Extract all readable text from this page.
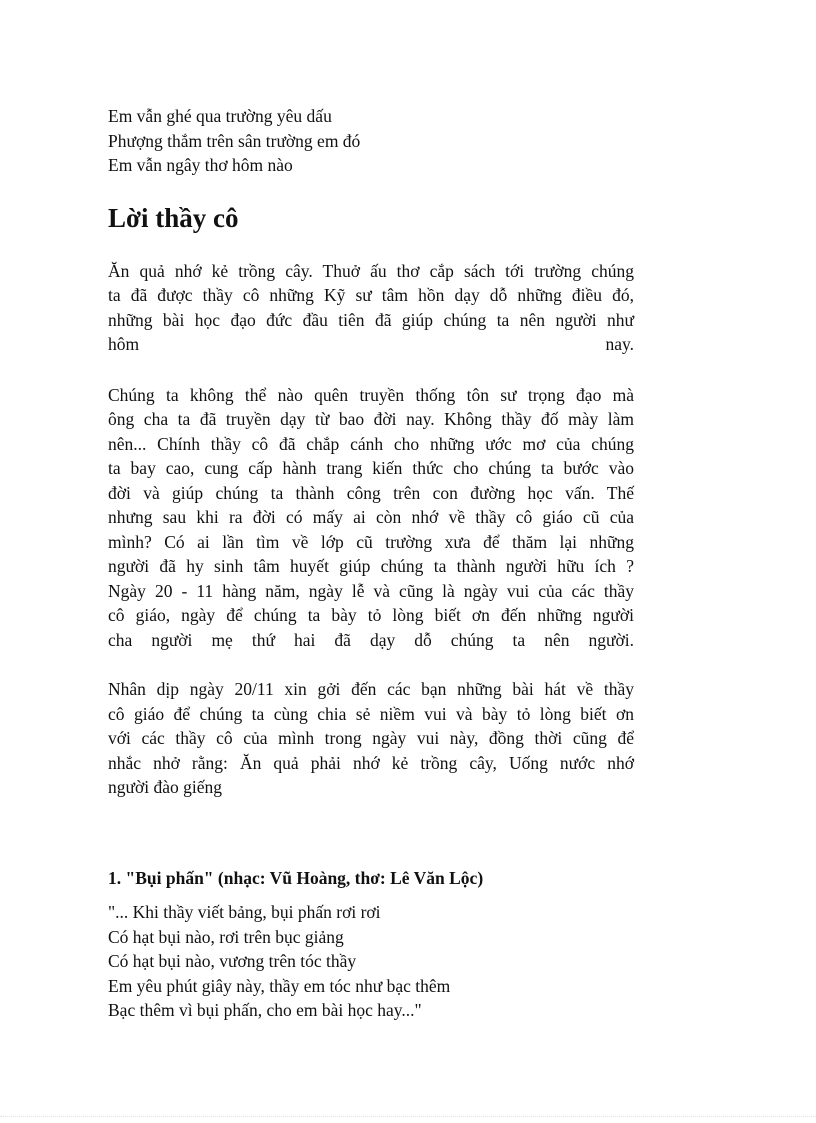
Em vẫn ghé qua trường yêu dấu
Phượng thắm trên sân trường em đó
Em vẫn ngây thơ hôm nào
Lời thầy cô
Ăn quả nhớ kẻ trồng cây. Thuở ấu thơ cắp sách tới trường chúng
ta đã được thầy cô những Kỹ sư tâm hồn dạy dỗ những điều đó,
những bài học đạo đức đầu tiên đã giúp chúng ta nên người như
hôm nay.
Chúng ta không thể nào quên truyền thống tôn sư trọng đạo mà
ông cha ta đã truyền dạy từ bao đời nay. Không thầy đố mày làm
nên... Chính thầy cô đã chắp cánh cho những ước mơ của chúng
ta bay cao, cung cấp hành trang kiến thức cho chúng ta bước vào
đời và giúp chúng ta thành công trên con đường học vấn. Thế
nhưng sau khi ra đời có mấy ai còn nhớ về thầy cô giáo cũ của
mình? Có ai lần tìm về lớp cũ trường xưa để thăm lại những
người đã hy sinh tâm huyết giúp chúng ta thành người hữu ích ?
Ngày 20 - 11 hàng năm, ngày lễ và cũng là ngày vui của các thầy
cô giáo, ngày để chúng ta bày tỏ lòng biết ơn đến những người
cha người mẹ thứ hai đã dạy dỗ chúng ta nên người.
Nhân dịp ngày 20/11 xin gởi đến các bạn những bài hát về thầy
cô giáo để chúng ta cùng chia sẻ niềm vui và bày tỏ lòng biết ơn
với các thầy cô của mình trong ngày vui này, đồng thời cũng để
nhắc nhở rằng: Ăn quả phải nhớ kẻ trồng cây, Uống nước nhớ
người đào giếng
1. "Bụi phấn" (nhạc: Vũ Hoàng, thơ: Lê Văn Lộc)
"... Khi thầy viết bảng, bụi phấn rơi rơi
Có hạt bụi nào, rơi trên bục giảng
Có hạt bụi nào, vương trên tóc thầy
Em yêu phút giây này, thầy em tóc như bạc thêm
Bạc thêm vì bụi phấn, cho em bài học hay..."
